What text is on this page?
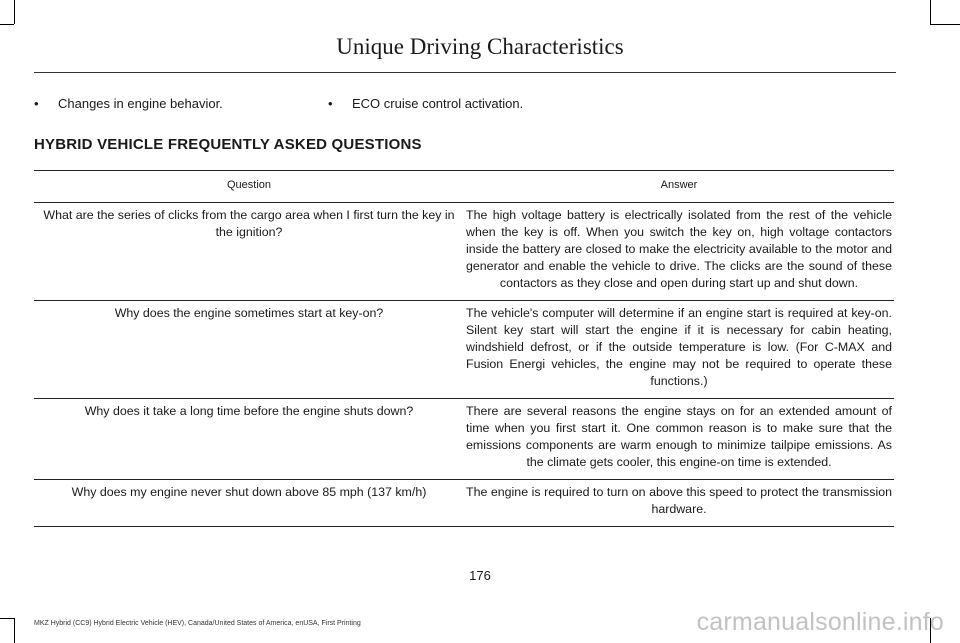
Unique Driving Characteristics
• Changes in engine behavior.	• ECO cruise control activation.
HYBRID VEHICLE FREQUENTLY ASKED QUESTIONS
Question	Answer
What are the series of clicks from the cargo area when I first turn the key in the ignition?	The high voltage battery is electrically isolated from the rest of the vehicle when the key is off. When you switch the key on, high voltage contactors inside the battery are closed to make the electricity available to the motor and generator and enable the vehicle to drive. The clicks are the sound of these contactors as they close and open during start up and shut down.
Why does the engine sometimes start at key-on?	The vehicle's computer will determine if an engine start is required at key-on. Silent key start will start the engine if it is necessary for cabin heating, windshield defrost, or if the outside temperature is low. (For C-MAX and Fusion Energi vehicles, the engine may not be required to operate these functions.)
Why does it take a long time before the engine shuts down?	There are several reasons the engine stays on for an extended amount of time when you first start it. One common reason is to make sure that the emissions components are warm enough to minimize tailpipe emissions. As the climate gets cooler, this engine-on time is extended.
Why does my engine never shut down above 85 mph (137 km/h)	The engine is required to turn on above this speed to protect the transmission hardware.
176
MKZ Hybrid (CC9) Hybrid Electric Vehicle (HEV), Canada/United States of America, enUSA, First Printing	carmanualsonline.info
